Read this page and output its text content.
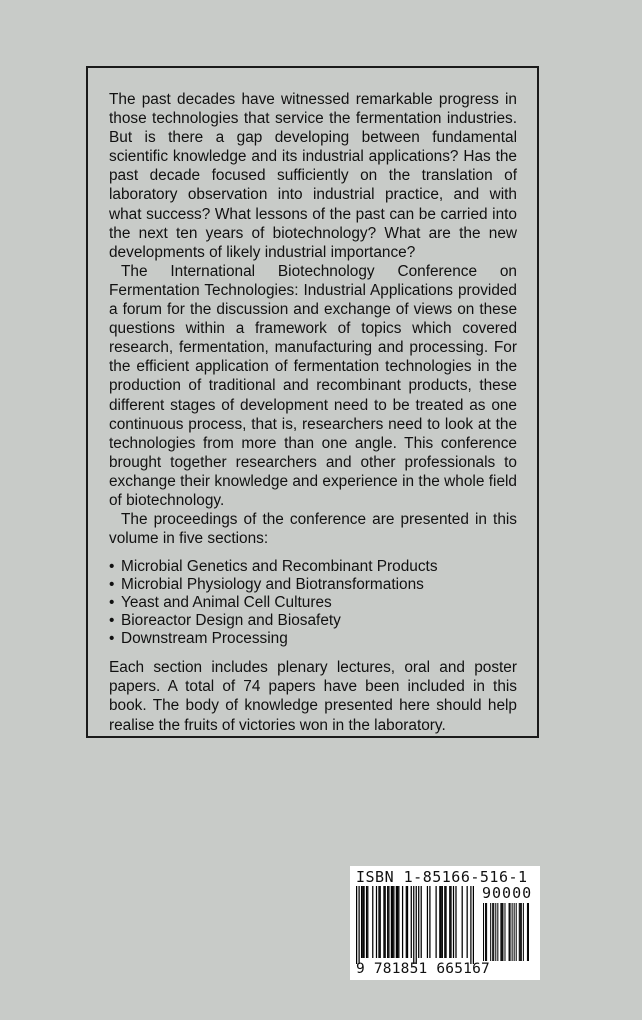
The past decades have witnessed remarkable progress in those technologies that service the fermentation industries. But is there a gap developing between fundamental scientific knowledge and its industrial applications? Has the past decade focused sufficiently on the translation of laboratory observation into industrial practice, and with what success? What lessons of the past can be carried into the next ten years of biotechnology? What are the new developments of likely industrial importance?

The International Biotechnology Conference on Fermentation Technologies: Industrial Applications provided a forum for the discussion and exchange of views on these questions within a framework of topics which covered research, fermentation, manufacturing and processing. For the efficient application of fermentation technologies in the production of traditional and recombinant products, these different stages of development need to be treated as one continuous process, that is, researchers need to look at the technologies from more than one angle. This conference brought together researchers and other professionals to exchange their knowledge and experience in the whole field of biotechnology.

The proceedings of the conference are presented in this volume in five sections:

• Microbial Genetics and Recombinant Products
• Microbial Physiology and Biotransformations
• Yeast and Animal Cell Cultures
• Bioreactor Design and Biosafety
• Downstream Processing

Each section includes plenary lectures, oral and poster papers. A total of 74 papers have been included in this book. The body of knowledge presented here should help realise the fruits of victories won in the laboratory.

ISBN 1-85166-516-1
90000
9 781851 665167
